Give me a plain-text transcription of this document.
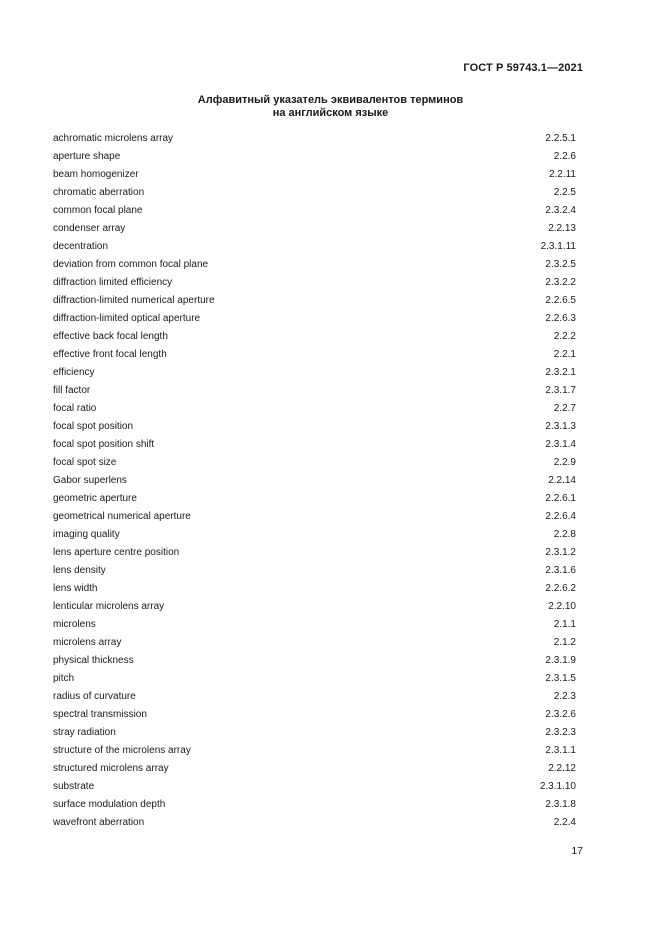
ГОСТ Р 59743.1—2021
Алфавитный указатель эквивалентов терминов
на английском языке
achromatic microlens array	2.2.5.1
aperture shape	2.2.6
beam homogenizer	2.2.11
chromatic aberration	2.2.5
common focal plane	2.3.2.4
condenser array	2.2.13
decentration	2.3.1.11
deviation from common focal plane	2.3.2.5
diffraction limited efficiency	2.3.2.2
diffraction-limited numerical aperture	2.2.6.5
diffraction-limited optical aperture	2.2.6.3
effective back focal length	2.2.2
effective front focal length	2.2.1
efficiency	2.3.2.1
fill factor	2.3.1.7
focal ratio	2.2.7
focal spot position	2.3.1.3
focal spot position shift	2.3.1.4
focal spot size	2.2.9
Gabor superlens	2.2.14
geometric aperture	2.2.6.1
geometrical numerical aperture	2.2.6.4
imaging quality	2.2.8
lens aperture centre position	2.3.1.2
lens density	2.3.1.6
lens width	2.2.6.2
lenticular microlens array	2.2.10
microlens	2.1.1
microlens array	2.1.2
physical thickness	2.3.1.9
pitch	2.3.1.5
radius of curvature	2.2.3
spectral transmission	2.3.2.6
stray radiation	2.3.2.3
structure of the microlens array	2.3.1.1
structured microlens array	2.2.12
substrate	2.3.1.10
surface modulation depth	2.3.1.8
wavefront aberration	2.2.4
17
